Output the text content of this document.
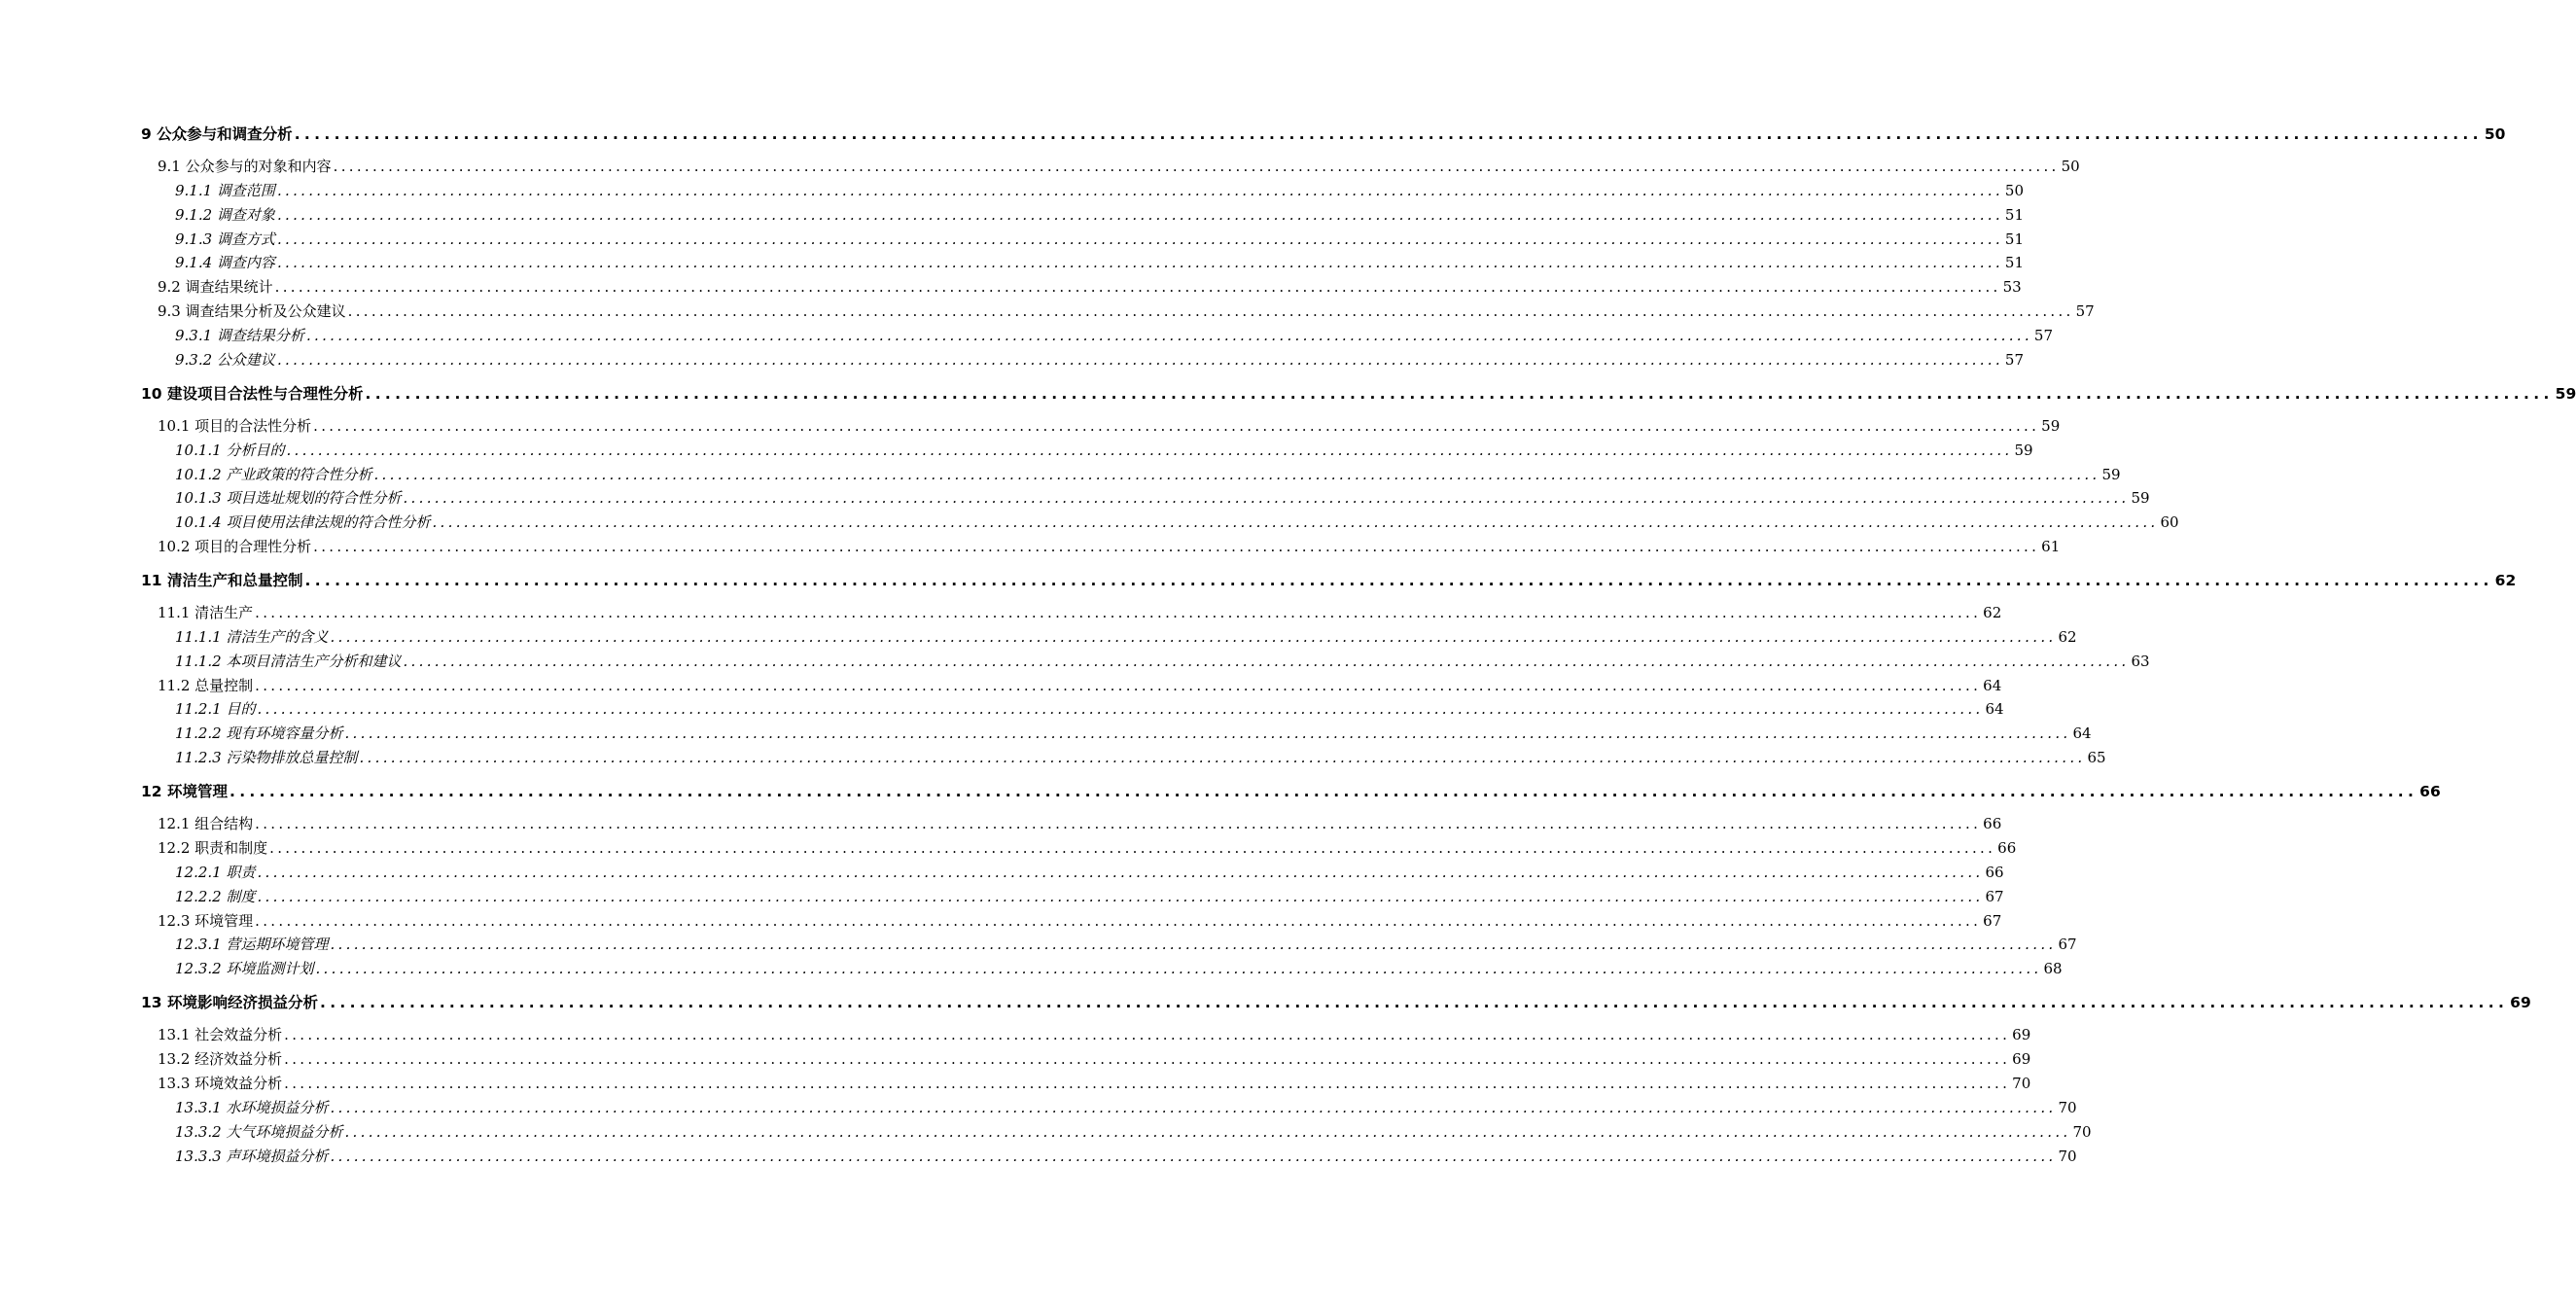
9 公众参与和调查分析 ............................................................................................................................................................................................................................ 50
9.1 公众参与的对象和内容 ............................................................................................................................................................................................................................ 50
9.1.1 调查范围 ............................................................................................................................................................................................................................ 50
9.1.2 调查对象 ............................................................................................................................................................................................................................ 51
9.1.3 调查方式 ............................................................................................................................................................................................................................ 51
9.1.4 调查内容 ............................................................................................................................................................................................................................ 51
9.2 调查结果统计 ............................................................................................................................................................................................................................ 53
9.3 调查结果分析及公众建议 ............................................................................................................................................................................................................................ 57
9.3.1 调查结果分析 ............................................................................................................................................................................................................................ 57
9.3.2 公众建议 ............................................................................................................................................................................................................................ 57
10 建设项目合法性与合理性分析 ............................................................................................................................................................................................................................ 59
10.1 项目的合法性分析 ............................................................................................................................................................................................................................ 59
10.1.1 分析目的 ............................................................................................................................................................................................................................ 59
10.1.2 产业政策的符合性分析 ............................................................................................................................................................................................................................ 59
10.1.3 项目选址规划的符合性分析 ............................................................................................................................................................................................................................ 59
10.1.4 项目使用法律法规的符合性分析 ............................................................................................................................................................................................................................ 60
10.2 项目的合理性分析 ............................................................................................................................................................................................................................ 61
11 清洁生产和总量控制 ............................................................................................................................................................................................................................ 62
11.1 清洁生产 ............................................................................................................................................................................................................................ 62
11.1.1 清洁生产的含义 ............................................................................................................................................................................................................................ 62
11.1.2 本项目清洁生产分析和建议 ............................................................................................................................................................................................................................ 63
11.2 总量控制 ............................................................................................................................................................................................................................ 64
11.2.1 目的 ............................................................................................................................................................................................................................ 64
11.2.2 现有环境容量分析 ............................................................................................................................................................................................................................ 64
11.2.3 污染物排放总量控制 ............................................................................................................................................................................................................................ 65
12 环境管理 ............................................................................................................................................................................................................................ 66
12.1 组合结构 ............................................................................................................................................................................................................................ 66
12.2 职责和制度 ............................................................................................................................................................................................................................ 66
12.2.1 职责 ............................................................................................................................................................................................................................ 66
12.2.2 制度 ............................................................................................................................................................................................................................ 67
12.3 环境管理 ............................................................................................................................................................................................................................ 67
12.3.1 营运期环境管理 ............................................................................................................................................................................................................................ 67
12.3.2 环境监测计划 ............................................................................................................................................................................................................................ 68
13 环境影响经济损益分析 ............................................................................................................................................................................................................................ 69
13.1 社会效益分析 ............................................................................................................................................................................................................................ 69
13.2 经济效益分析 ............................................................................................................................................................................................................................ 69
13.3 环境效益分析 ............................................................................................................................................................................................................................ 70
13.3.1 水环境损益分析 ............................................................................................................................................................................................................................ 70
13.3.2 大气环境损益分析 ............................................................................................................................................................................................................................ 70
13.3.3 声环境损益分析 ............................................................................................................................................................................................................................ 70
